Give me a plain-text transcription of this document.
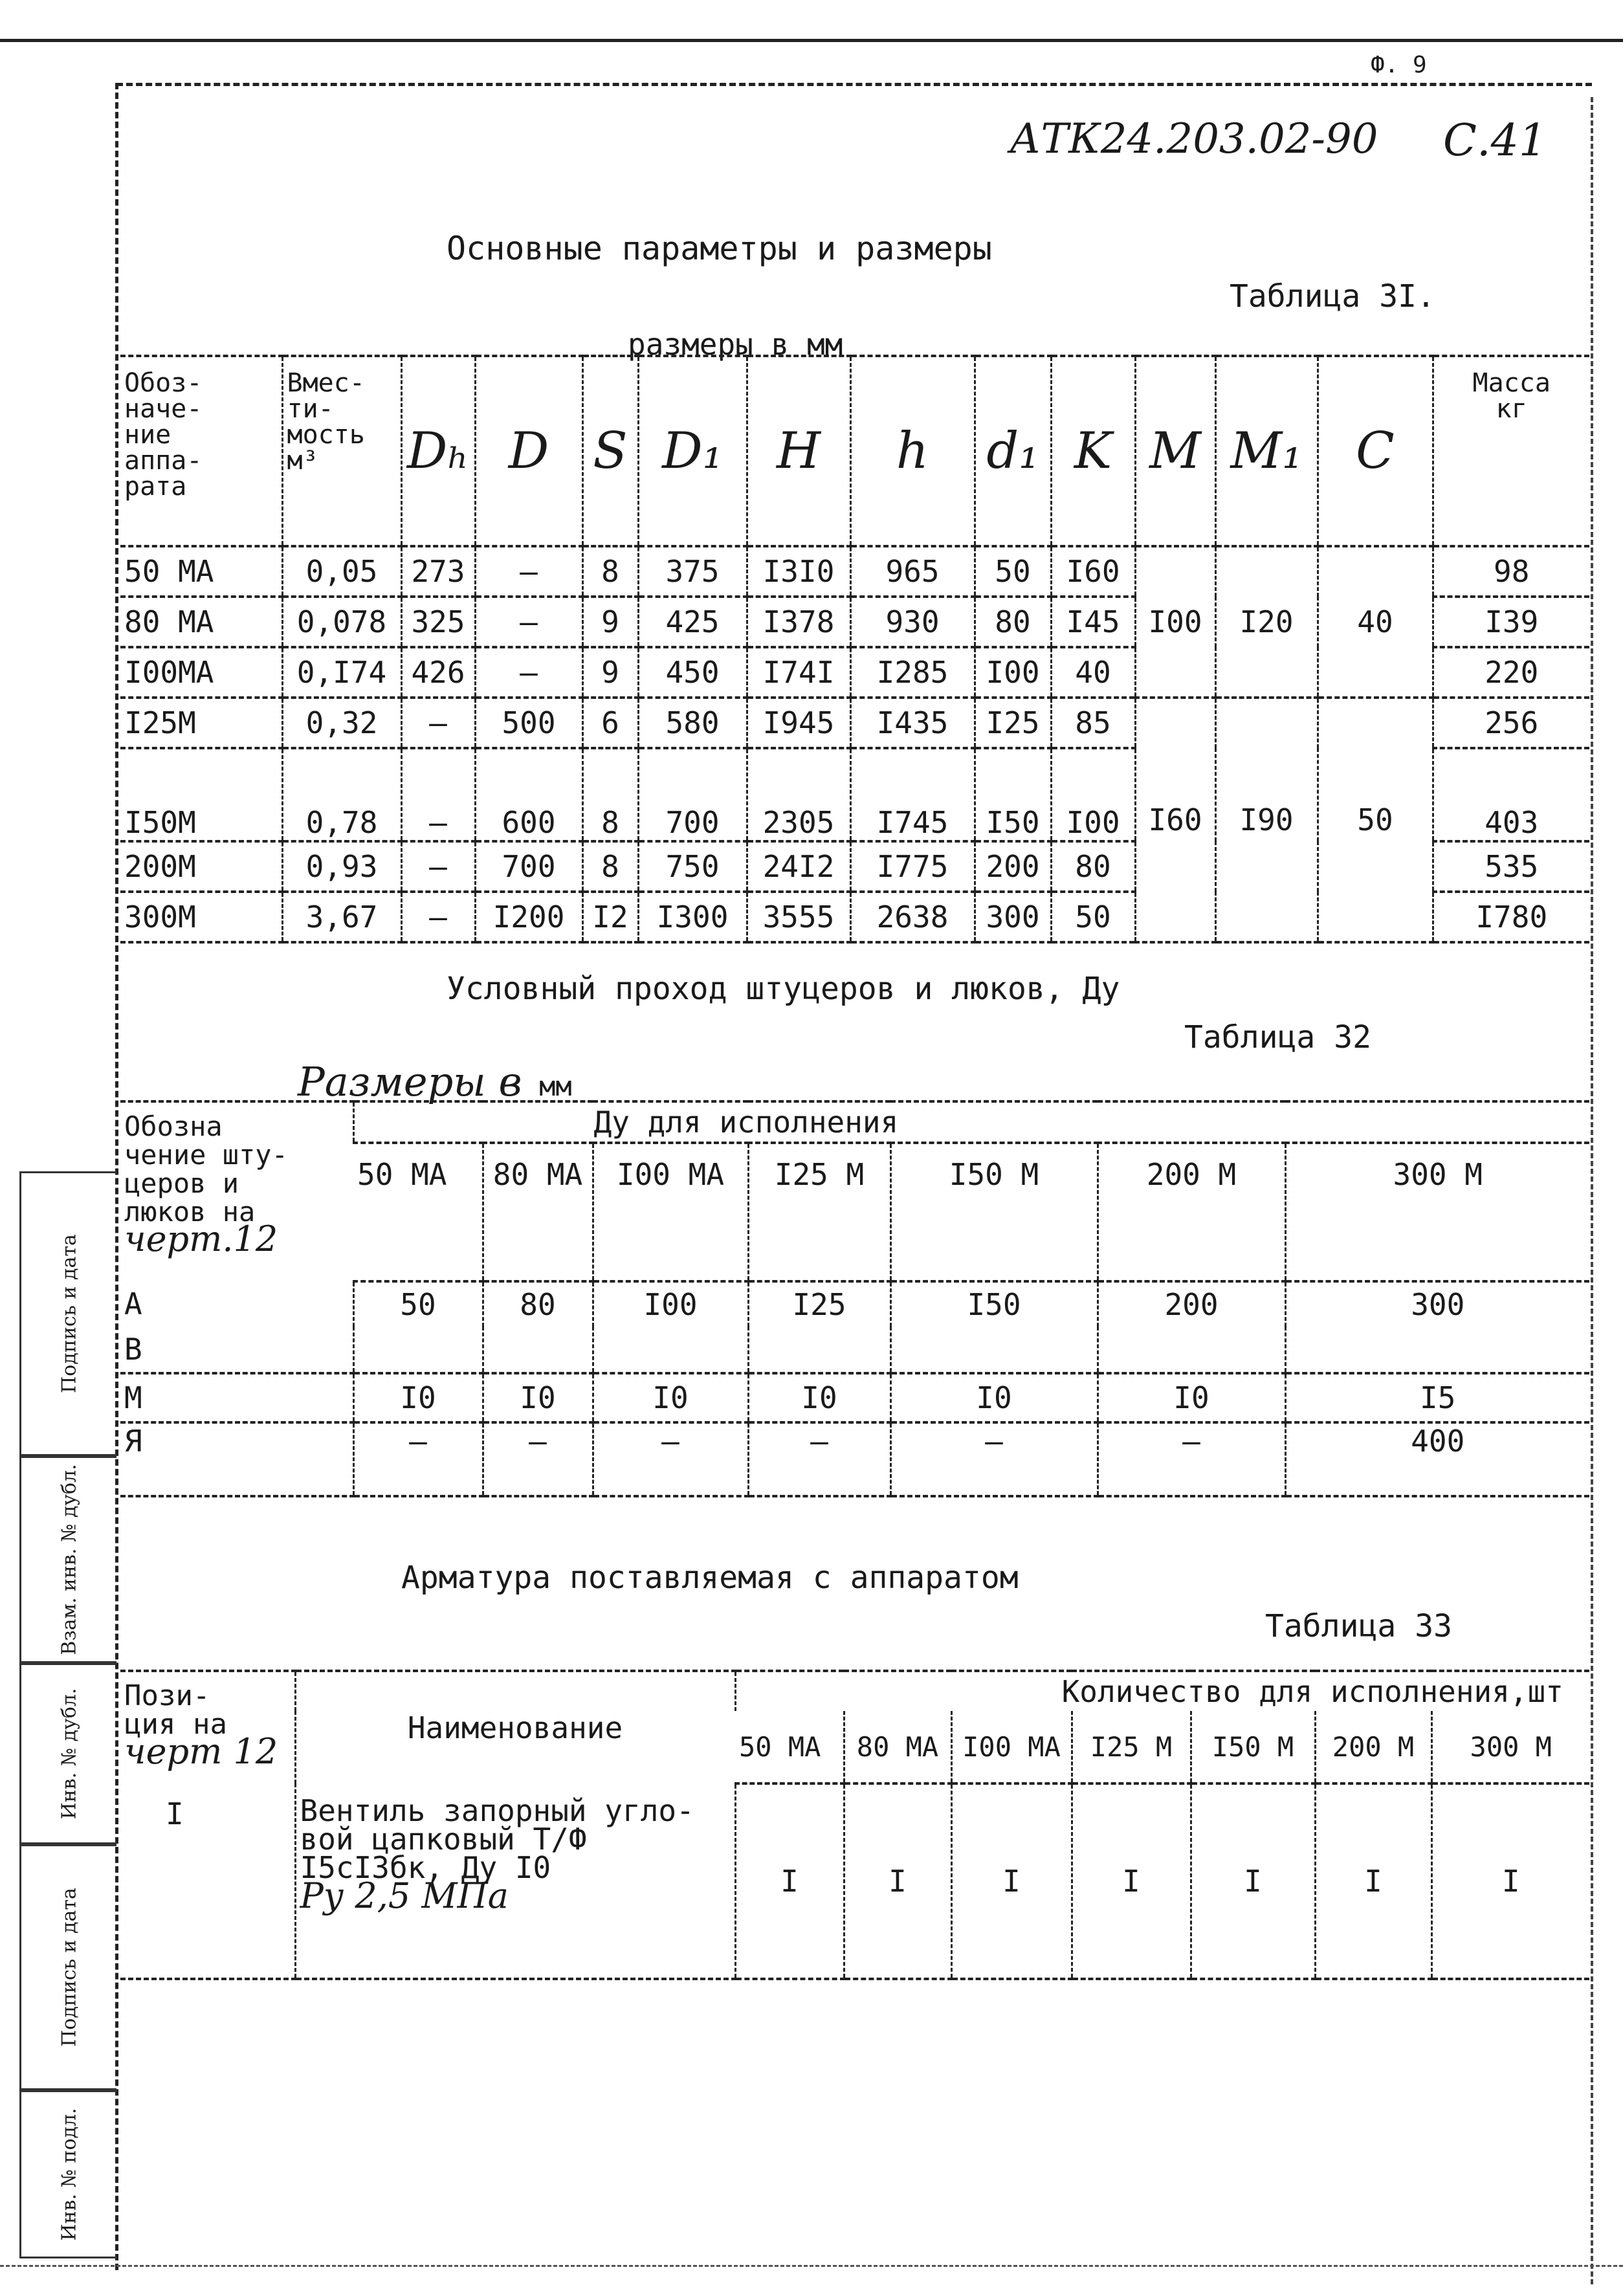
Ф. 9
АТК24.203.02-90 С.41
Основные параметры и размеры
Таблица 3I.
размеры в мм
Обоз-
наче-
ние
аппа-
рата	Вмес-
ти-
мость
м³	Dₕ	D	S	D₁	H	h	d₁	K	M	M₁	C	Масса
кг
50 МА	0,05	273	–	8	375	I3I0	965	50	I60	I00	I20	40	98
80 МА	0,078	325	–	9	425	I378	930	80	I45				I39
I00МА	0,I74	426	–	9	450	I74I	I285	I00	40				220
I25М	0,32	–	500	6	580	I945	I435	I25	85	I60	I90	50	256
I50М	0,78	–	600	8	700	2305	I745	I50	I00				403
200М	0,93	–	700	8	750	24I2	I775	200	80				535
300М	3,67	–	I200	I2	I300	3555	2638	300	50				I780
Условный проход штуцеров и люков, Ду
Таблица 32
Размеры в мм
Обозна
чение шту-
церов и
люков на
черт.12	Ду для исполнения						
	50 МА	80 МА	I00 МА	I25 М	I50 М	200 М	300 М
А	50	80	I00	I25	I50	200	300
В							
М	I0	I0	I0	I0	I0	I0	I5
Я	–	–	–	–	–	–	400
Арматура поставляемая с аппаратом
Таблица 33
Пози-
ция на
черт 12	Наименование	Количество для исполнения,шт						
		50 МА	80 МА	I00 МА	I25 М	I50 М	200 М	300 М
I	Вентиль запорный угло-
вой цапковый Т/Ф
I5сI3бк, Ду I0
Ру 2,5 МПа	I	I	I	I	I	I	I
Подпись и дата
Взам. инв. № дубл.
Инв. № дубл.
Подпись и дата
Инв. № подл.
